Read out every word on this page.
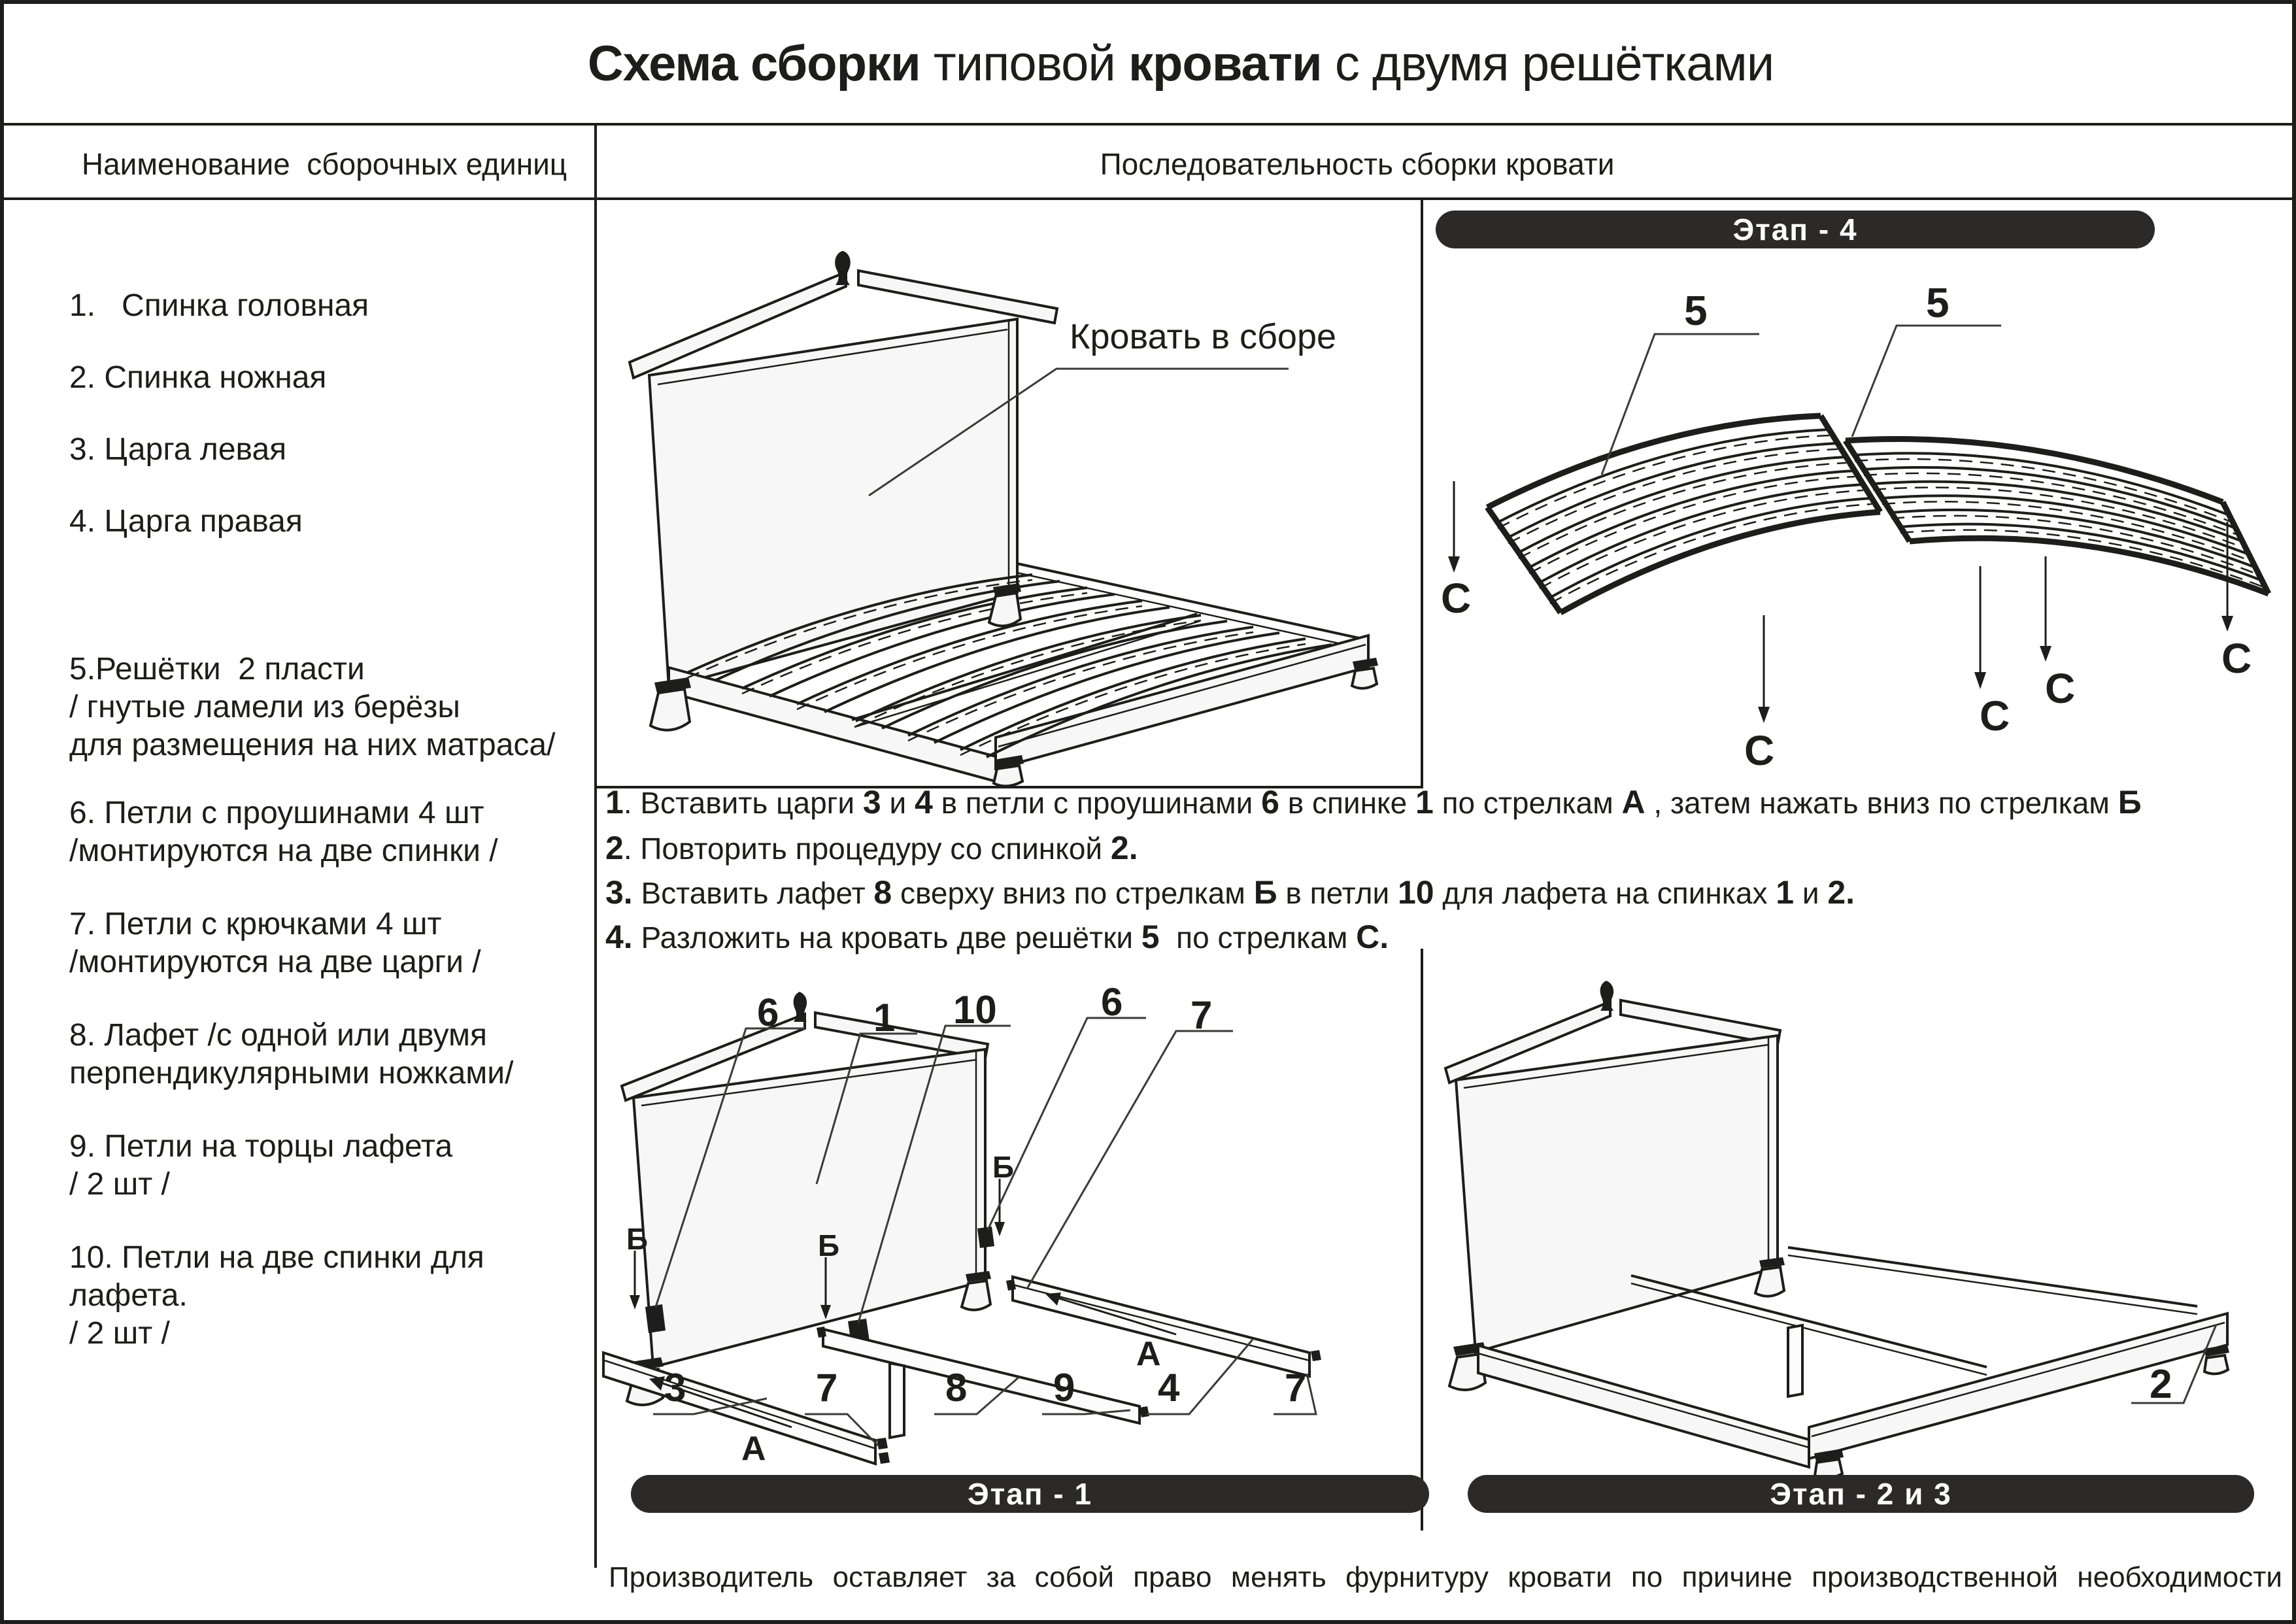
Схема сборки типовой кровати с двумя решётками
Наименование  сборочных единиц	Последовательность сборки кровати
1.   Спинка головная
2. Спинка ножная
3. Царга левая
4. Царга правая

5.Решётки  2 пласти
/ гнутые ламели из берёзы
для размещения на них матраса/

6. Петли с проушинами 4 шт
/монтируются на две спинки /

7. Петли с крючками 4 шт
/монтируются на две царги /

8. Лафет /с одной или двумя
перпендикулярными ножками/

9. Петли на торцы лафета
/ 2 шт /

10. Петли на две спинки для лафета.
/ 2 шт /

Кровать в сборе
Этап - 4
5	5
С
С
С
С
С
1. Вставить царги 3 и 4 в петли с проушинами 6 в спинке 1 по стрелкам А , затем нажать вниз по стрелкам Б
2. Повторить процедуру со спинкой 2.
3. Вставить лафет 8 сверху вниз по стрелкам Б в петли 10 для лафета на спинках 1 и 2.
4. Разложить на кровать две решётки 5  по стрелкам С.
6 1 10	6 7
3	7	8 9 4	7
Б	Б
Б
А
А
Этап - 1
2
Этап - 2 и 3
Производитель оставляет за собой право менять фурнитуру кровати по причине производственной необходимости
